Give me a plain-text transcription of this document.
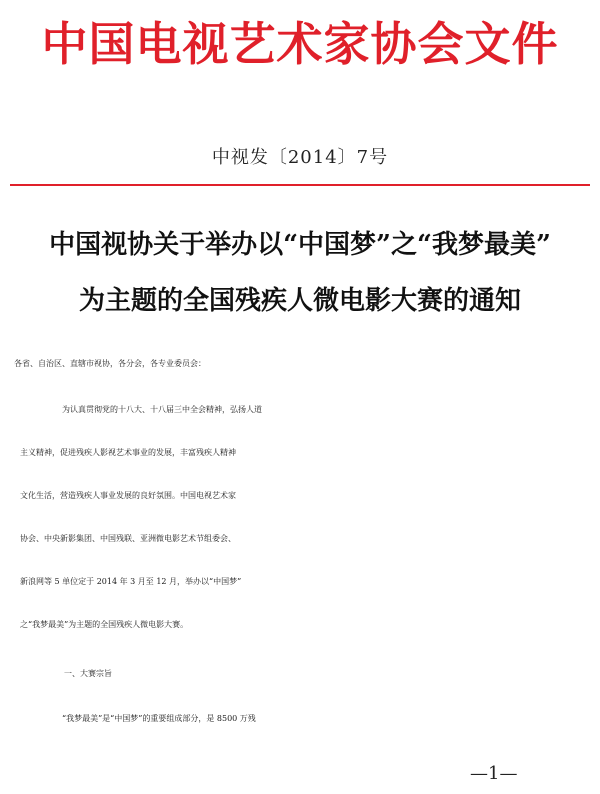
中国电视艺术家协会文件
中视发〔2014〕7号
中国视协关于举办以“中国梦”之“我梦最美”
为主题的全国残疾人微电影大赛的通知
各省、自治区、直辖市视协，各分会，各专业委员会：
为认真贯彻党的十八大、十八届三中全会精神，弘扬人道
主义精神，促进残疾人影视艺术事业的发展，丰富残疾人精神
文化生活，营造残疾人事业发展的良好氛围。中国电视艺术家
协会、中央新影集团、中国残联、亚洲微电影艺术节组委会、
新浪网等 5 单位定于 2014 年 3 月至 12 月，举办以“中国梦”
之“我梦最美”为主题的全国残疾人微电影大赛。
一、大赛宗旨
“我梦最美”是“中国梦”的重要组成部分，是 8500 万残
—1—
